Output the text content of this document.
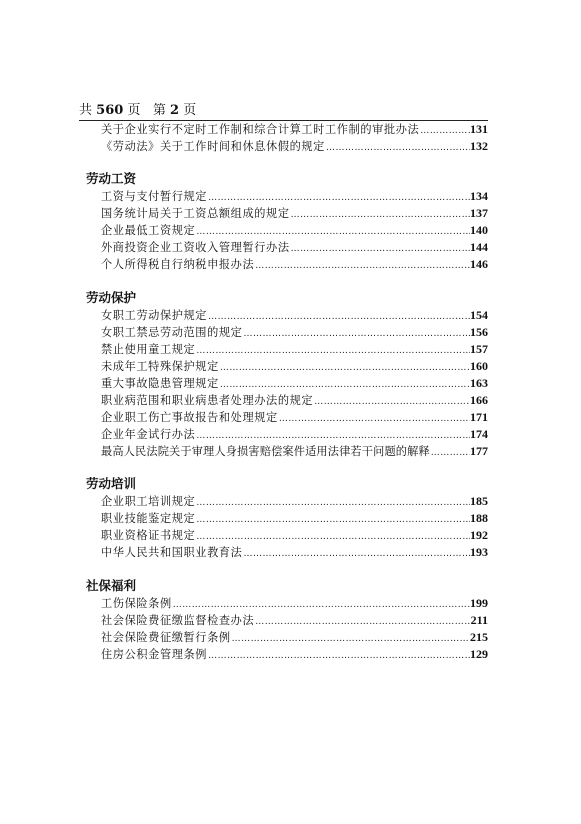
共 560 页 第 2 页
关于企业实行不定时工作制和综合计算工时工作制的审批办法 …………………………………………………………………………………………………………………………………………………	131
《劳动法》关于工作时间和休息休假的规定 …………………………………………………………………………………………………………………………………………………	132
劳动工资
工资与支付暂行规定 …………………………………………………………………………………………………………………………………………………	134
国务统计局关于工资总额组成的规定 …………………………………………………………………………………………………………………………………………………	137
企业最低工资规定 …………………………………………………………………………………………………………………………………………………	140
外商投资企业工资收入管理暂行办法 …………………………………………………………………………………………………………………………………………………	144
个人所得税自行纳税申报办法 …………………………………………………………………………………………………………………………………………………	146
劳动保护
女职工劳动保护规定 …………………………………………………………………………………………………………………………………………………	154
女职工禁忌劳动范围的规定 …………………………………………………………………………………………………………………………………………………	156
禁止使用童工规定 …………………………………………………………………………………………………………………………………………………	157
未成年工特殊保护规定 …………………………………………………………………………………………………………………………………………………	160
重大事故隐患管理规定 …………………………………………………………………………………………………………………………………………………	163
职业病范围和职业病患者处理办法的规定 …………………………………………………………………………………………………………………………………………………	166
企业职工伤亡事故报告和处理规定 …………………………………………………………………………………………………………………………………………………	171
企业年金试行办法 …………………………………………………………………………………………………………………………………………………	174
最高人民法院关于审理人身损害赔偿案件适用法律若干问题的解释 …………………………………………………………………………………………………………………………………………………	177
劳动培训
企业职工培训规定 …………………………………………………………………………………………………………………………………………………	185
职业技能鉴定规定 …………………………………………………………………………………………………………………………………………………	188
职业资格证书规定 …………………………………………………………………………………………………………………………………………………	192
中华人民共和国职业教育法 …………………………………………………………………………………………………………………………………………………	193
社保福利
工伤保险条例 …………………………………………………………………………………………………………………………………………………	199
社会保险费征缴监督检查办法 …………………………………………………………………………………………………………………………………………………	211
社会保险费征缴暂行条例 …………………………………………………………………………………………………………………………………………………	215
住房公积金管理条例 …………………………………………………………………………………………………………………………………………………	129
